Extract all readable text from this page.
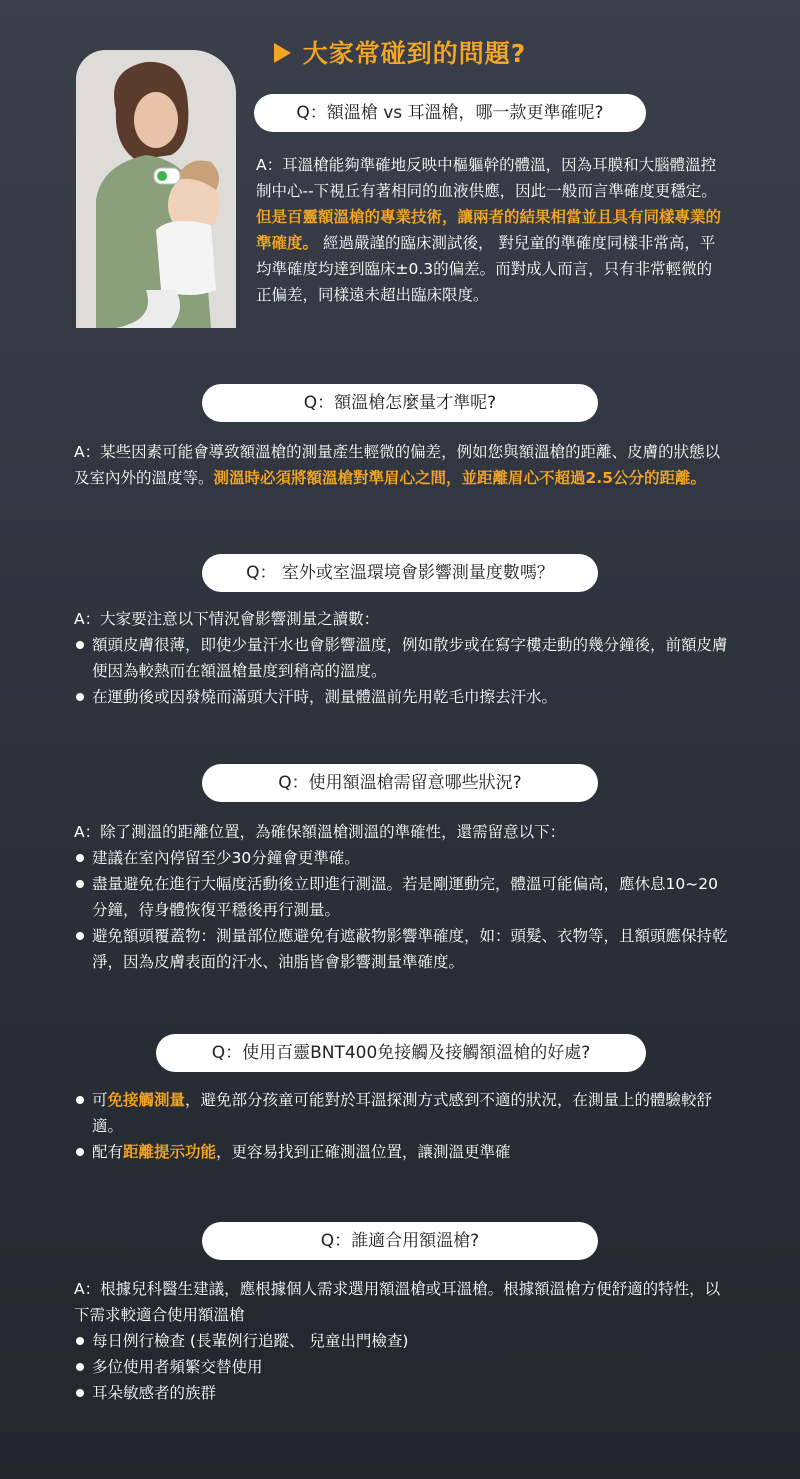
大家常碰到的問題?
Q：額溫槍 vs 耳溫槍，哪一款更準確呢?

A：耳溫槍能夠準確地反映中樞軀幹的體溫，因為耳膜和大腦體溫控制中心--下視丘有著相同的血液供應，因此一般而言準確度更穩定。

但是百靈額溫槍的專業技術，讓兩者的結果相當並且具有同樣專業的準確度。 經過嚴謹的臨床測試後， 對兒童的準確度同樣非常高，平均準確度均達到臨床±0.3的偏差。而對成人而言，只有非常輕微的正偏差，同樣遠未超出臨床限度。

Q：額溫槍怎麼量才準呢?

A：某些因素可能會導致額溫槍的測量產生輕微的偏差，例如您與額溫槍的距離、皮膚的狀態以及室內外的溫度等。測溫時必須將額溫槍對準眉心之間，並距離眉心不超過2.5公分的距離。

Q： 室外或室溫環境會影響測量度數嗎？

A：大家要注意以下情況會影響測量之讀數：

額頭皮膚很薄，即使少量汗水也會影響溫度，例如散步或在寫字樓走動的幾分鐘後，前額皮膚便因為較熱而在額溫槍量度到稍高的溫度。

在運動後或因發燒而滿頭大汗時，測量體溫前先用乾毛巾擦去汗水。

Q：使用額溫槍需留意哪些狀況?

A：除了測溫的距離位置，為確保額溫槍測溫的準確性，還需留意以下：

建議在室內停留至少30分鐘會更準確。

盡量避免在進行大幅度活動後立即進行測溫。若是剛運動完，體溫可能偏高，應休息10~20分鐘，待身體恢復平穩後再行測量。

避免額頭覆蓋物：測量部位應避免有遮蔽物影響準確度，如：頭髮、衣物等，且額頭應保持乾淨，因為皮膚表面的汗水、油脂皆會影響測量準確度。

Q：使用百靈BNT400免接觸及接觸額溫槍的好處?

可免接觸測量，避免部分孩童可能對於耳溫探測方式感到不適的狀況，在測量上的體驗較舒適。

配有距離提示功能，更容易找到正確測溫位置，讓測溫更準確

Q：誰適合用額溫槍?

A：根據兒科醫生建議，應根據個人需求選用額溫槍或耳溫槍。根據額溫槍方便舒適的特性，以下需求較適合使用額溫槍

每日例行檢查 (長輩例行追蹤、 兒童出門檢查)

多位使用者頻繁交替使用

耳朵敏感者的族群
